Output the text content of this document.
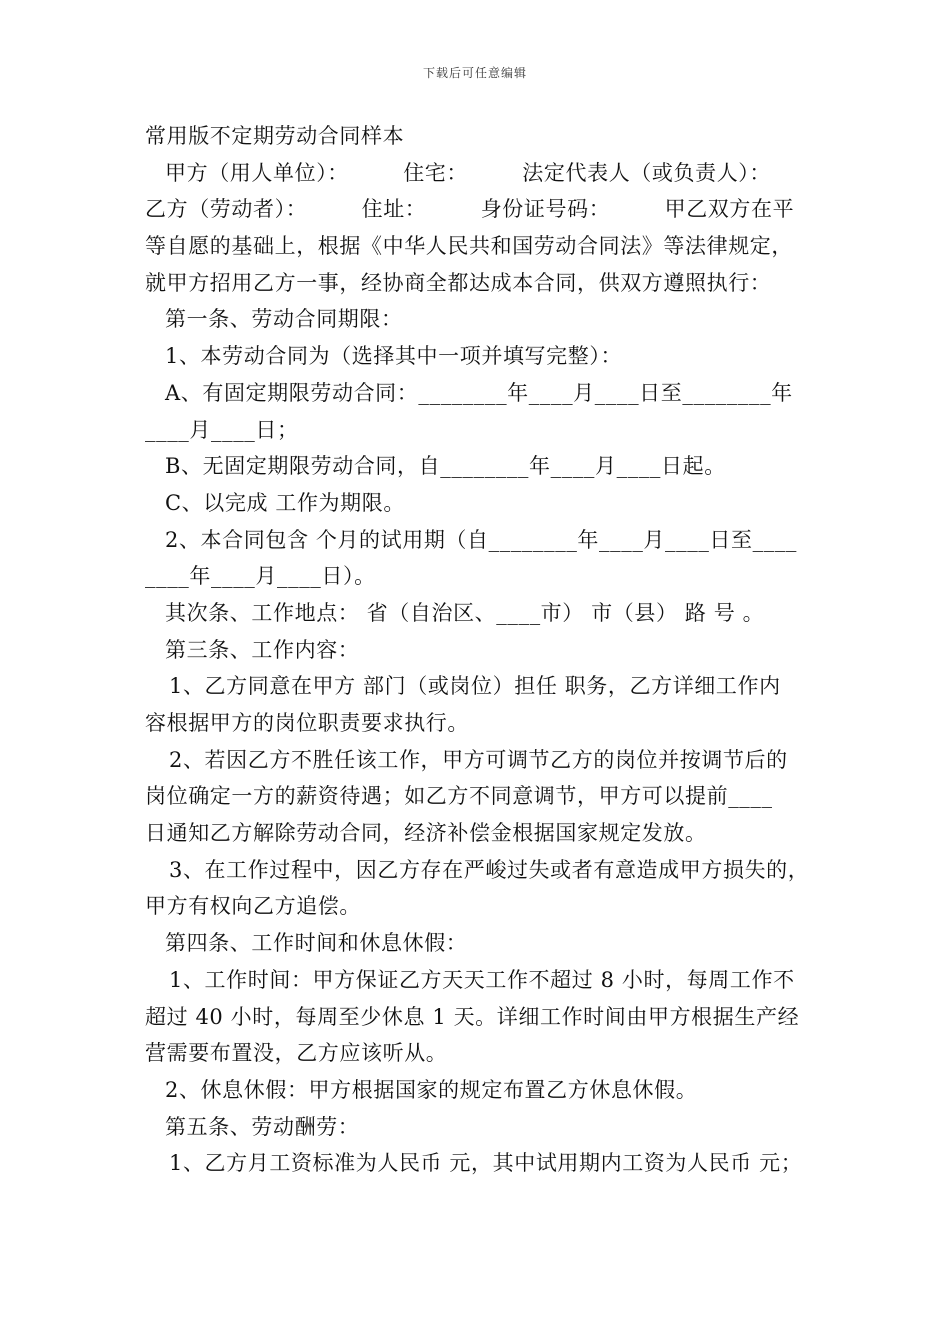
下载后可任意编辑
常用版不定期劳动合同样本
甲方（用人单位）：　　　住宅：　　　法定代表人（或负责人）：
乙方（劳动者）：　　　住址：　　　身份证号码：　　　甲乙双方在平
等自愿的基础上，根据《中华人民共和国劳动合同法》等法律规定，
就甲方招用乙方一事，经协商全都达成本合同，供双方遵照执行：
第一条、劳动合同期限：
1、本劳动合同为（选择其中一项并填写完整）：
A、有固定期限劳动合同：________年____月____日至________年
____月____日；
B、无固定期限劳动合同，自________年____月____日起。
C、以完成 工作为期限。
2、本合同包含 个月的试用期（自________年____月____日至____
____年____月____日）。
其次条、工作地点： 省（自治区、____市） 市（县） 路 号 。
第三条、工作内容：
1、乙方同意在甲方 部门（或岗位）担任 职务，乙方详细工作内
容根据甲方的岗位职责要求执行。
2、若因乙方不胜任该工作，甲方可调节乙方的岗位并按调节后的
岗位确定一方的薪资待遇；如乙方不同意调节，甲方可以提前____
日通知乙方解除劳动合同，经济补偿金根据国家规定发放。
3、在工作过程中，因乙方存在严峻过失或者有意造成甲方损失的，
甲方有权向乙方追偿。
第四条、工作时间和休息休假：
1、工作时间：甲方保证乙方天天工作不超过 8 小时，每周工作不
超过 40 小时，每周至少休息 1 天。详细工作时间由甲方根据生产经
营需要布置没，乙方应该听从。
2、休息休假：甲方根据国家的规定布置乙方休息休假。
第五条、劳动酬劳：
1、乙方月工资标准为人民币 元，其中试用期内工资为人民币 元；
